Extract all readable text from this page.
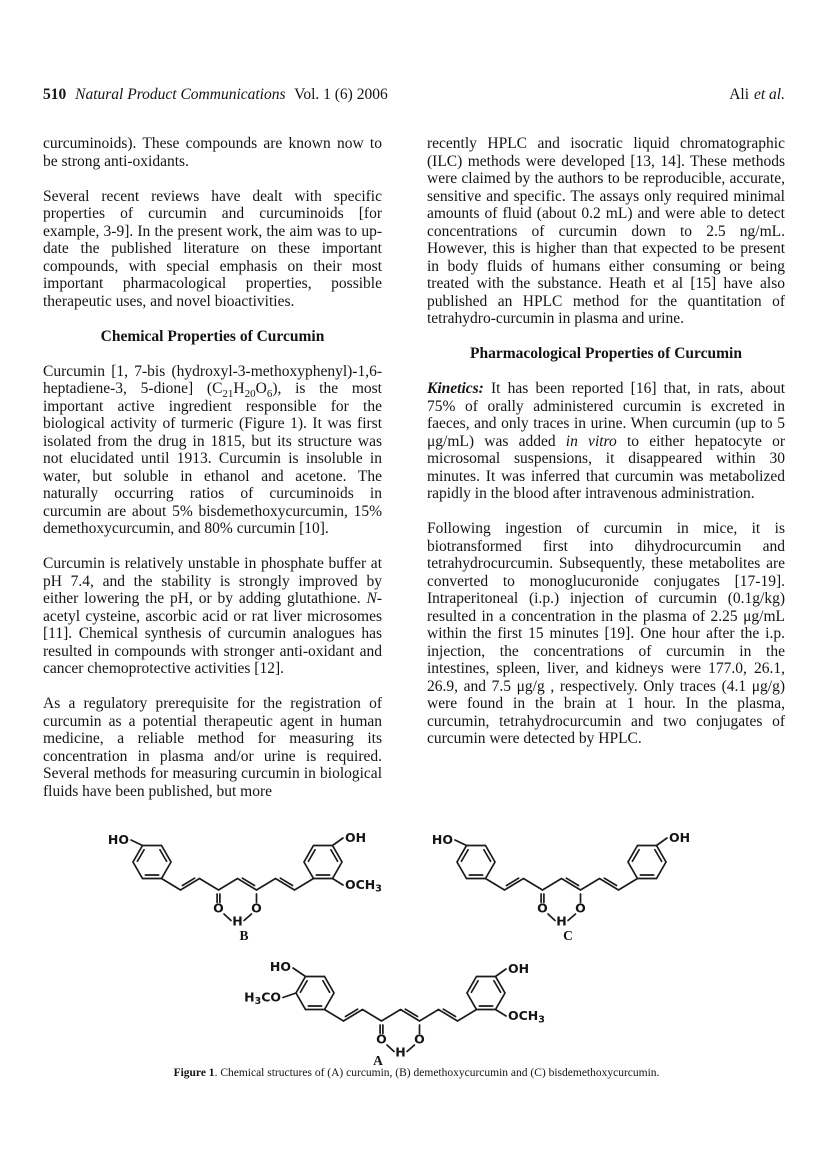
510 Natural Product Communications Vol. 1 (6) 2006	Ali et al.

curcuminoids). These compounds are known now to be strong anti-oxidants.

Several recent reviews have dealt with specific properties of curcumin and curcuminoids [for example, 3-9]. In the present work, the aim was to up-date the published literature on these important compounds, with special emphasis on their most important pharmacological properties, possible therapeutic uses, and novel bioactivities.

Chemical Properties of Curcumin

Curcumin [1, 7-bis (hydroxyl-3-methoxyphenyl)-1,6-heptadiene-3, 5-dione] $(C_{21}H_{20}O_6)$, is the most important active ingredient responsible for the biological activity of turmeric (Figure 1). It was first isolated from the drug in 1815, but its structure was not elucidated until 1913. Curcumin is insoluble in water, but soluble in ethanol and acetone. The naturally occurring ratios of curcuminoids in curcumin are about 5% bisdemethoxycurcumin, 15% demethoxycurcumin, and 80% curcumin [10].

Curcumin is relatively unstable in phosphate buffer at pH 7.4, and the stability is strongly improved by either lowering the pH, or by adding glutathione. N-acetyl cysteine, ascorbic acid or rat liver microsomes [11]. Chemical synthesis of curcumin analogues has resulted in compounds with stronger anti-oxidant and cancer chemoprotective activities [12].

As a regulatory prerequisite for the registration of curcumin as a potential therapeutic agent in human medicine, a reliable method for measuring its concentration in plasma and/or urine is required. Several methods for measuring curcumin in biological fluids have been published, but more

recently HPLC and isocratic liquid chromatographic (ILC) methods were developed [13, 14]. These methods were claimed by the authors to be reproducible, accurate, sensitive and specific. The assays only required minimal amounts of fluid (about 0.2 mL) and were able to detect concentrations of curcumin down to 2.5 ng/mL. However, this is higher than that expected to be present in body fluids of humans either consuming or being treated with the substance. Heath et al [15] have also published an HPLC method for the quantitation of tetrahydro-curcumin in plasma and urine.

Pharmacological Properties of Curcumin

Kinetics: It has been reported [16] that, in rats, about 75% of orally administered curcumin is excreted in faeces, and only traces in urine. When curcumin (up to 5 μg/mL) was added in vitro to either hepatocyte or microsomal suspensions, it disappeared within 30 minutes. It was inferred that curcumin was metabolized rapidly in the blood after intravenous administration.

Following ingestion of curcumin in mice, it is biotransformed first into dihydrocurcumin and tetrahydrocurcumin. Subsequently, these metabolites are converted to monoglucuronide conjugates [17-19]. Intraperitoneal (i.p.) injection of curcumin (0.1g/kg) resulted in a concentration in the plasma of 2.25 μg/mL within the first 15 minutes [19]. One hour after the i.p. injection, the concentrations of curcumin in the intestines, spleen, liver, and kidneys were 177.0, 26.1, 26.9, and 7.5 μg/g , respectively. Only traces (4.1 μg/g) were found in the brain at 1 hour. In the plasma, curcumin, tetrahydrocurcumin and two conjugates of curcumin were detected by HPLC.

HO	OH
$OCH_3$
B
HO	OH
C
HO
$H_3CO$
OH
$OCH_3$
A
Figure 1. Chemical structures of (A) curcumin, (B) demethoxycurcumin and (C) bisdemethoxycurcumin.
